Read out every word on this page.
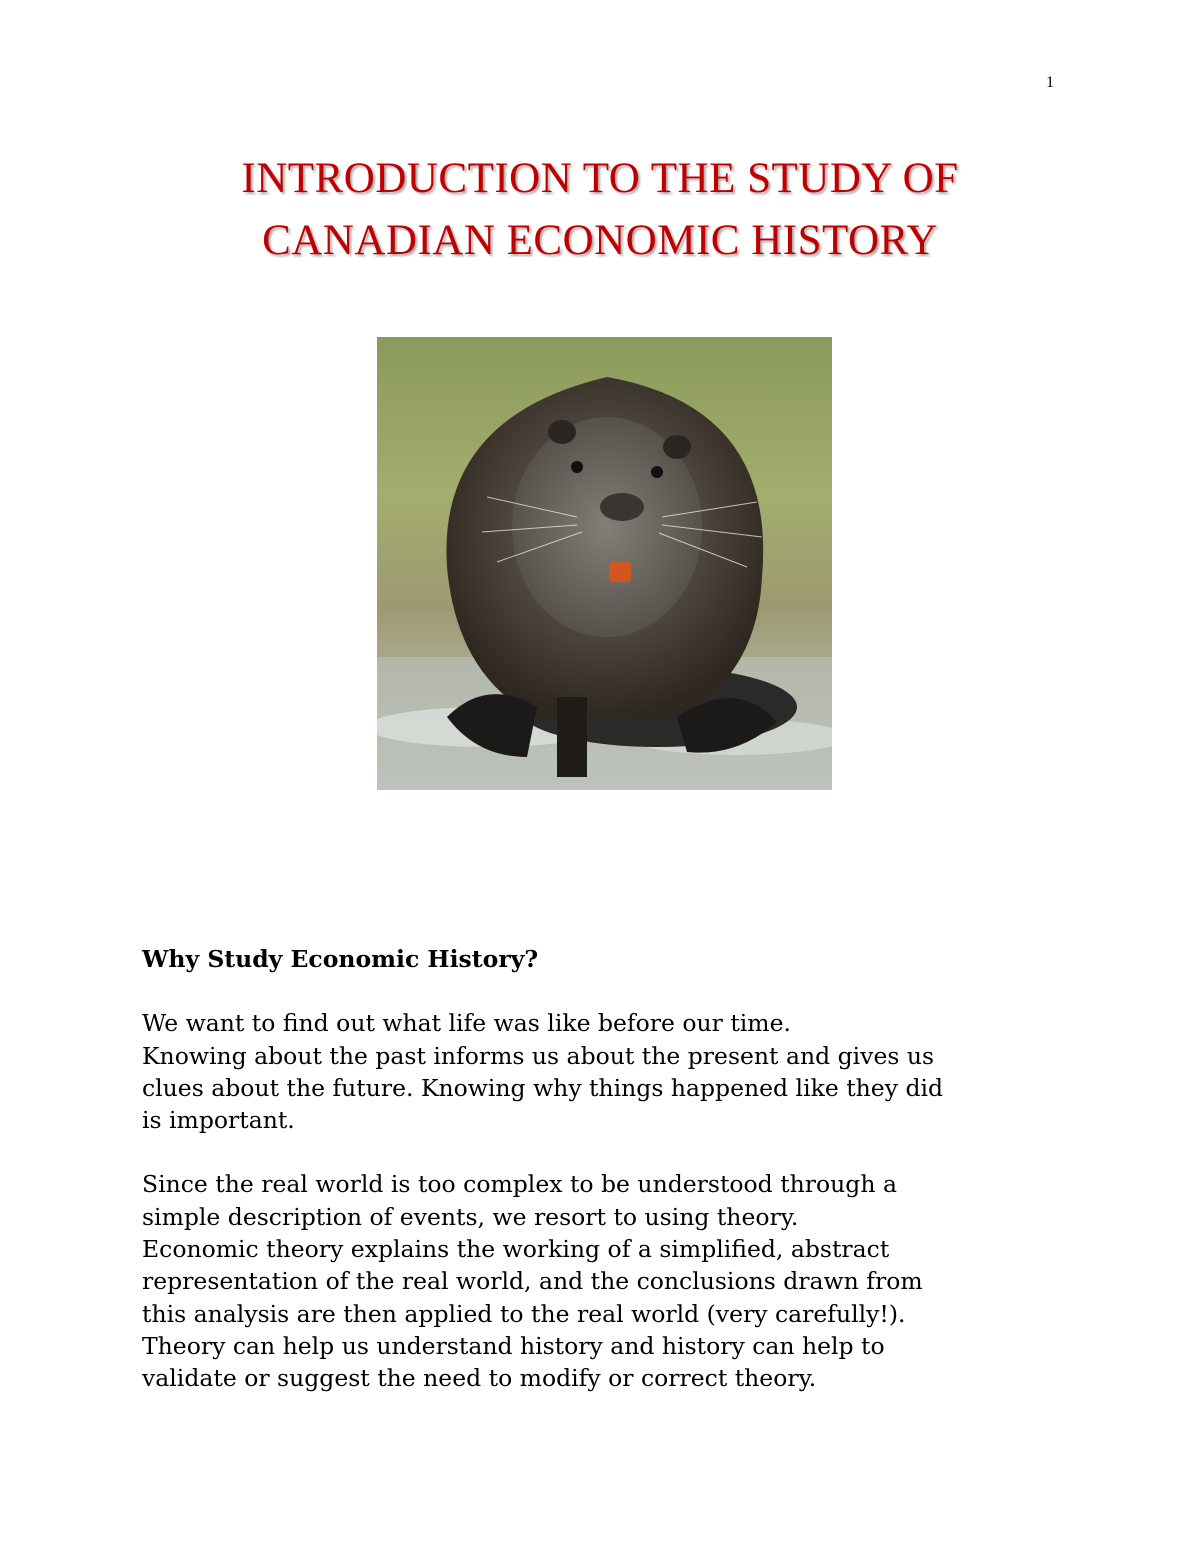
1
INTRODUCTION TO THE STUDY OF
CANADIAN ECONOMIC HISTORY
Why Study Economic History?
We want to find out what life was like before our time.
Knowing about the past informs us about the present and gives us
clues about the future. Knowing why things happened like they did
is important.
Since the real world is too complex to be understood through a
simple description of events, we resort to using theory.
Economic theory explains the working of a simplified, abstract
representation of the real world, and the conclusions drawn from
this analysis are then applied to the real world (very carefully!).
Theory can help us understand history and history can help to
validate or suggest the need to modify or correct theory.
